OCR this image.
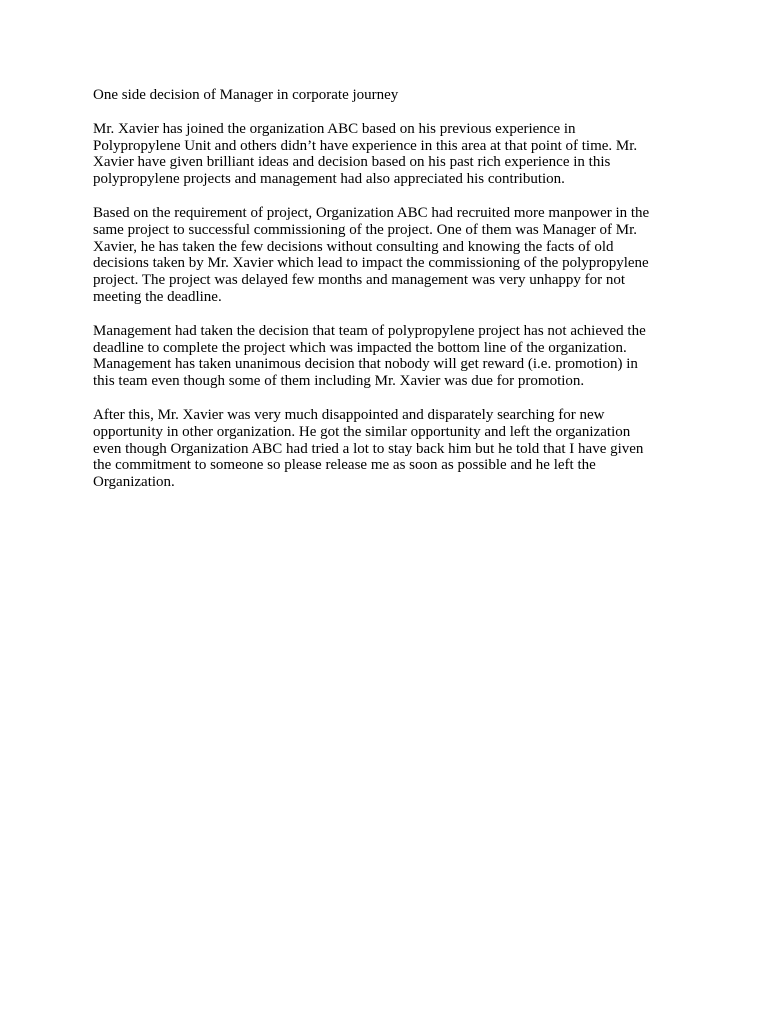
One side decision of Manager in corporate journey
Mr. Xavier has joined the organization ABC based on his previous experience in
Polypropylene Unit and others didn’t have experience in this area at that point of time. Mr.
Xavier have given brilliant ideas and decision based on his past rich experience in this
polypropylene projects and management had also appreciated his contribution.
Based on the requirement of project, Organization ABC had recruited more manpower in the
same project to successful commissioning of the project. One of them was Manager of Mr.
Xavier, he has taken the few decisions without consulting and knowing the facts of old
decisions taken by Mr. Xavier which lead to impact the commissioning of the polypropylene
project. The project was delayed few months and management was very unhappy for not
meeting the deadline.
Management had taken the decision that team of polypropylene project has not achieved the
deadline to complete the project which was impacted the bottom line of the organization.
Management has taken unanimous decision that nobody will get reward (i.e. promotion) in
this team even though some of them including Mr. Xavier was due for promotion.
After this, Mr. Xavier was very much disappointed and disparately searching for new
opportunity in other organization. He got the similar opportunity and left the organization
even though Organization ABC had tried a lot to stay back him but he told that I have given
the commitment to someone so please release me as soon as possible and he left the
Organization.
